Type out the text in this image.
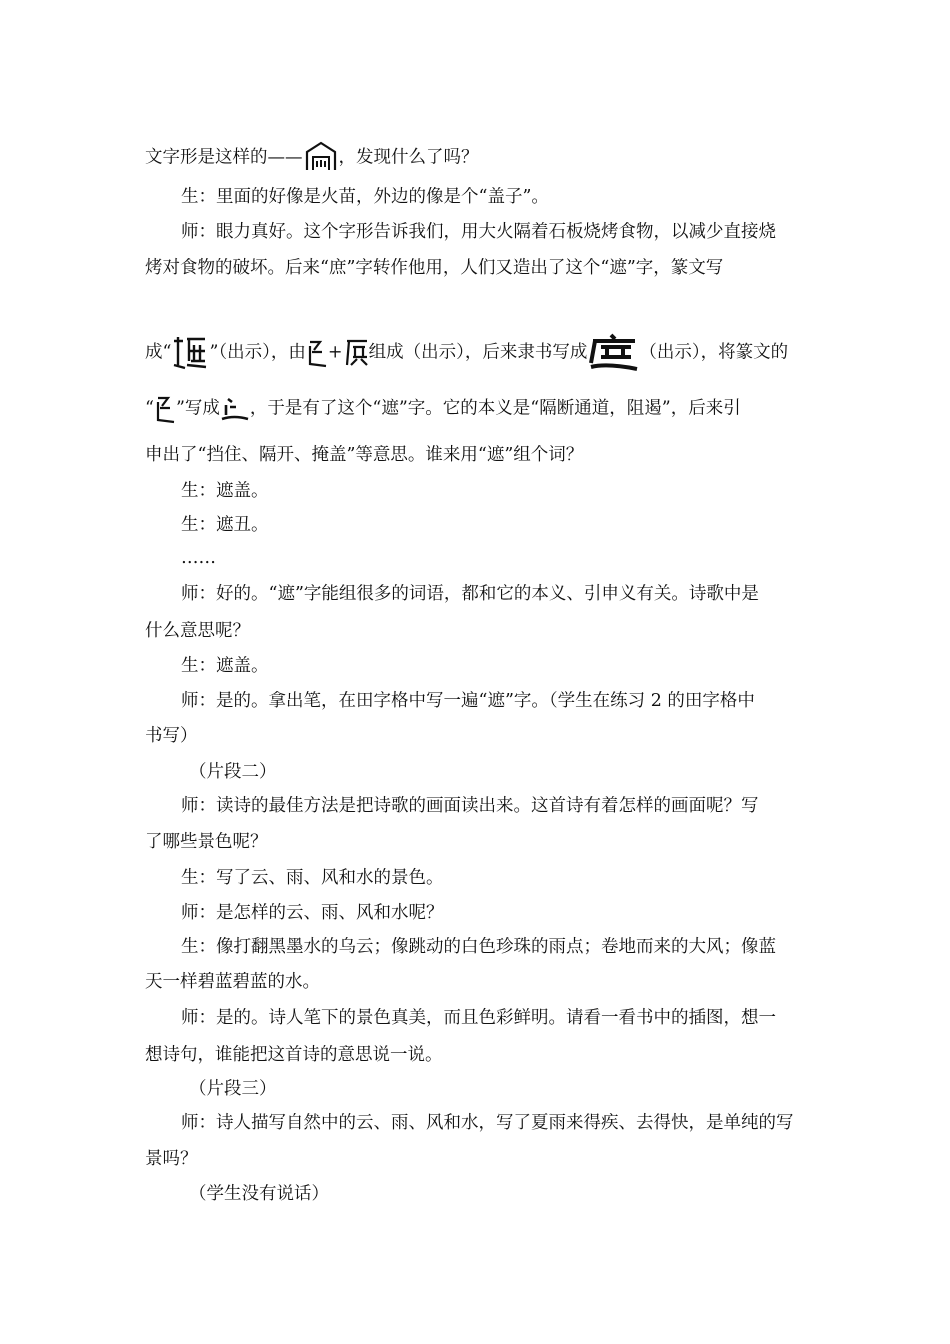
文字形是这样的—— ，发现什么了吗？
生：里面的好像是火苗，外边的像是个“盖子”。
师：眼力真好。这个字形告诉我们，用大火隔着石板烧烤食物，以减少直接烧
烤对食物的破坏。后来“庶”字转作他用，人们又造出了这个“遮”字，篆文写
成“ ”（出示），由 + 组成（出示），后来隶书写成	（出示），将篆文的
“ ”写成 ，于是有了这个“遮”字。它的本义是“隔断通道，阻遏”，后来引
申出了“挡住、隔开、掩盖”等意思。谁来用“遮”组个词？
生：遮盖。
生：遮丑。
……
师：好的。“遮”字能组很多的词语，都和它的本义、引申义有关。诗歌中是
什么意思呢？
生：遮盖。
师：是的。拿出笔，在田字格中写一遍“遮”字。（学生在练习 2 的田字格中
书写）
（片段二）
师：读诗的最佳方法是把诗歌的画面读出来。这首诗有着怎样的画面呢？写
了哪些景色呢？
生：写了云、雨、风和水的景色。
师：是怎样的云、雨、风和水呢？
生：像打翻黑墨水的乌云；像跳动的白色珍珠的雨点；卷地而来的大风；像蓝
天一样碧蓝碧蓝的水。
师：是的。诗人笔下的景色真美，而且色彩鲜明。请看一看书中的插图，想一
想诗句，谁能把这首诗的意思说一说。
（片段三）
师：诗人描写自然中的云、雨、风和水，写了夏雨来得疾、去得快，是单纯的写
景吗？
（学生没有说话）
